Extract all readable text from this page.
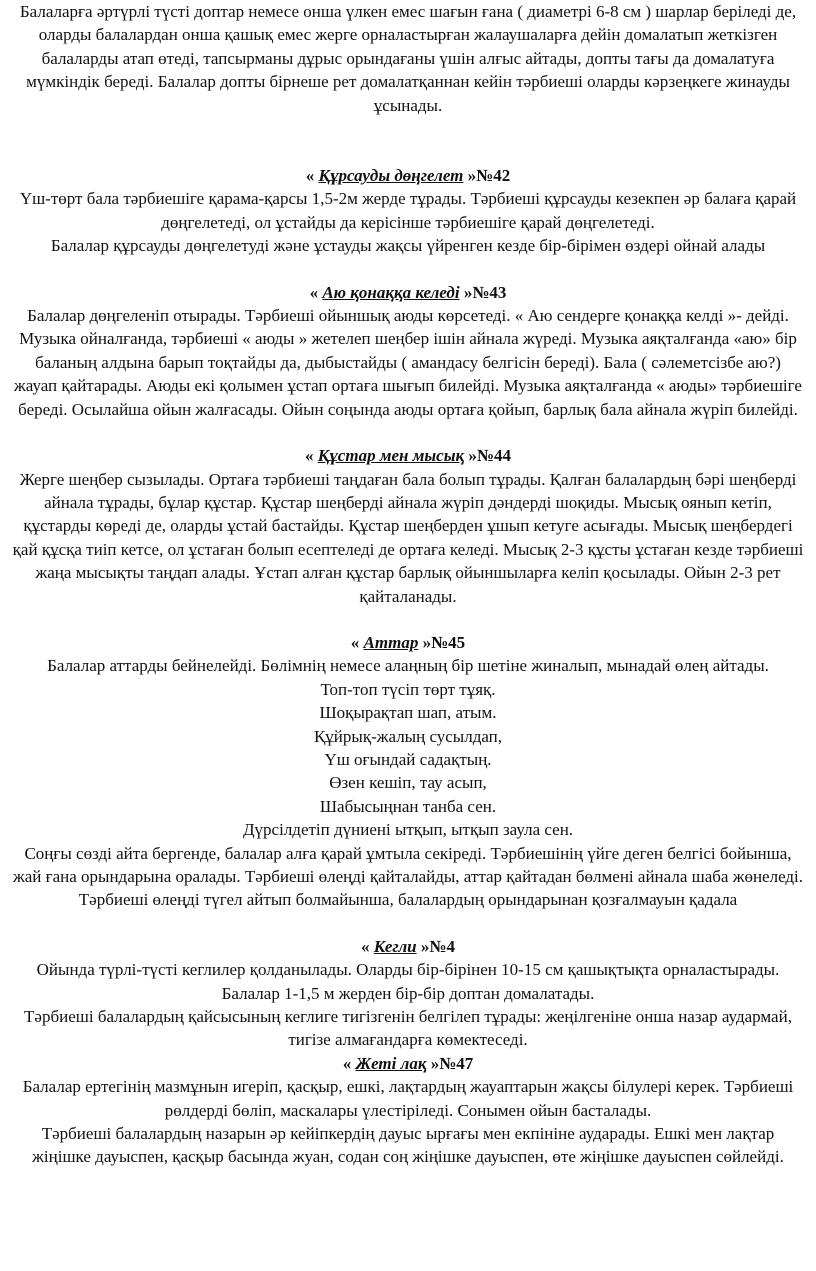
Балаларға әртүрлі түсті доптар немесе онша үлкен емес шағын ғана ( диаметрі 6-8 см ) шарлар беріледі де, оларды балалардан онша қашық емес жерге орналастырған жалаушаларға дейін домалатып жеткізген балаларды атап өтеді, тапсырманы дұрыс орындағаны үшін алғыс айтады, допты тағы да домалатуға мүмкіндік береді. Балалар допты бірнеше рет домалатқаннан кейін тәрбиеші оларды кәрзеңкеге жинауды ұсынады.

« Құрсауды дөңгелет »№42

Үш-төрт бала тәрбиешіге қарама-қарсы 1,5-2м жерде тұрады. Тәрбиеші құрсауды кезекпен әр балаға қарай дөңгелетеді, ол ұстайды да керісінше тәрбиешіге қарай дөңгелетеді.

Балалар құрсауды дөңгелетуді және ұстауды жақсы үйренген кезде бір-бірімен өздері ойнай алады

« Аю қонаққа келеді »№43

Балалар дөңгеленіп отырады. Тәрбиеші ойыншық аюды көрсетеді. « Аю сендерге қонаққа келді »- дейді. Музыка ойналғанда, тәрбиеші « аюды » жетелеп шеңбер ішін айнала жүреді. Музыка аяқталғанда «аю» бір баланың алдына барып тоқтайды да, дыбыстайды ( амандасу белгісін береді). Бала ( сәлеметсізбе аю?) жауап қайтарады. Аюды екі қолымен ұстап ортаға шығып билейді. Музыка аяқталғанда « аюды» тәрбиешіге береді. Осылайша ойын жалғасады. Ойын соңында аюды ортаға қойып, барлық бала айнала жүріп билейді.

« Құстар мен мысық »№44

Жерге шеңбер сызылады. Ортаға тәрбиеші таңдаған бала болып тұрады. Қалған балалардың бәрі шеңберді айнала тұрады, бұлар құстар. Құстар шеңберді айнала жүріп дәндерді шоқиды. Мысық оянып кетіп, құстарды көреді де, оларды ұстай бастайды. Құстар шеңберден ұшып кетуге асығады. Мысық шеңбердегі қай құсқа тиіп кетсе, ол ұстаған болып есептеледі де ортаға келеді. Мысық 2-3 құсты ұстаған кезде тәрбиеші жаңа мысықты таңдап алады. Ұстап алған құстар барлық ойыншыларға келіп қосылады. Ойын 2-3 рет қайталанады.

« Аттар »№45

Балалар аттарды бейнелейді. Бөлімнің немесе алаңның бір шетіне жиналып, мынадай өлең айтады.

Топ-топ түсіп төрт тұяқ.

Шоқырақтап шап, атым.

Құйрық-жалың сусылдап,

Үш оғындай садақтың.

Өзен кешіп, тау асып,

Шабысыңнан танба сен.

Дүрсілдетіп дүниені ытқып, ытқып заула сен.

Соңғы сөзді айта бергенде, балалар алға қарай ұмтыла секіреді. Тәрбиешінің үйге деген белгісі бойынша, жай ғана орындарына оралады. Тәрбиеші өлеңді қайталайды, аттар қайтадан бөлмені айнала шаба жөнеледі.

Тәрбиеші өлеңді түгел айтып болмайынша, балалардың орындарынан қозғалмауын қадала

« Кегли »№4

Ойында түрлі-түсті кеглилер қолданылады. Оларды бір-бірінен 10-15 см қашықтықта орналастырады. Балалар 1-1,5 м жерден бір-бір доптан домалатады.

Тәрбиеші балалардың қайсысының кеглиге тигізгенін белгілеп тұрады: жеңілгеніне онша назар аудармай, тигізе алмағандарға көмектеседі.

« Жеті лақ »№47

Балалар ертегінің мазмұнын игеріп, қасқыр, ешкі, лақтардың жауаптарын жақсы білулері керек. Тәрбиеші рөлдерді бөліп, маскалары үлестіріледі. Сонымен ойын басталады.

Тәрбиеші балалардың назарын әр кейіпкердің дауыс ырғағы мен екпініне аударады. Ешкі мен лақтар жіңішке дауыспен, қасқыр басында жуан, содан соң жіңішке дауыспен, өте жіңішке дауыспен сөйлейді.
